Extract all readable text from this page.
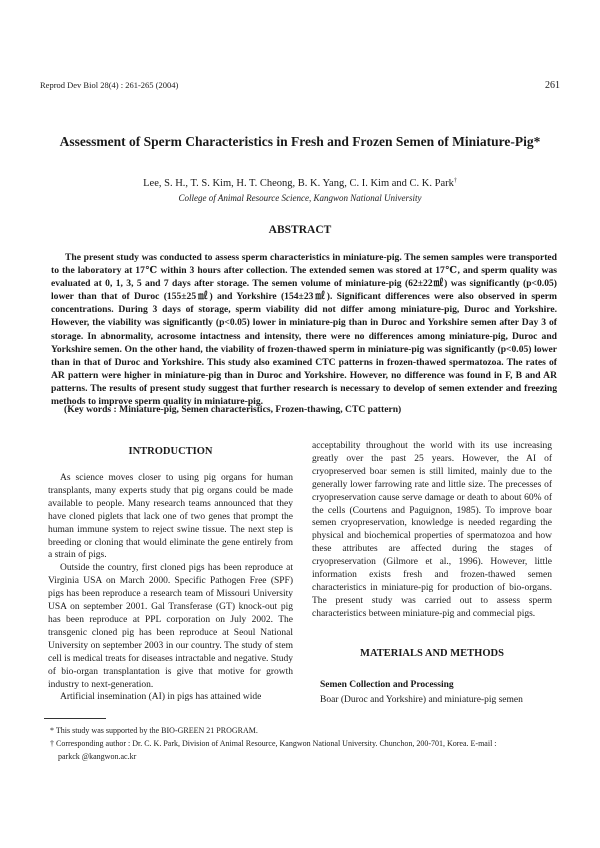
Reprod Dev Biol 28(4) : 261-265 (2004)	261
Assessment of Sperm Characteristics in Fresh and Frozen Semen of Miniature-Pig*
Lee, S. H., T. S. Kim, H. T. Cheong, B. K. Yang, C. I. Kim and C. K. Park†
College of Animal Resource Science, Kangwon National University
ABSTRACT

The present study was conducted to assess sperm characteristics in miniature-pig. The semen samples were transported to the laboratory at 17℃ within 3 hours after collection. The extended semen was stored at 17℃, and sperm quality was evaluated at 0, 1, 3, 5 and 7 days after storage. The semen volume of miniature-pig (62±22㎖) was significantly (p<0.05) lower than that of Duroc (155±25㎖) and Yorkshire (154±23㎖). Significant differences were also observed in sperm concentrations. During 3 days of storage, sperm viability did not differ among miniature-pig, Duroc and Yorkshire. However, the viability was significantly (p<0.05) lower in miniature-pig than in Duroc and Yorkshire semen after Day 3 of storage. In abnormality, acrosome intactness and intensity, there were no differences among miniature-pig, Duroc and Yorkshire semen. On the other hand, the viability of frozen-thawed sperm in miniature-pig was significantly (p<0.05) lower than in that of Duroc and Yorkshire. This study also examined CTC patterns in frozen-thawed spermatozoa. The rates of AR pattern were higher in miniature-pig than in Duroc and Yorkshire. However, no difference was found in F, B and AR patterns. The results of present study suggest that further research is necessary to develop of semen extender and freezing methods to improve sperm quality in miniature-pig.

(Key words : Miniature-pig, Semen characteristics, Frozen-thawing, CTC pattern)
INTRODUCTION

As science moves closer to using pig organs for human transplants, many experts study that pig organs could be made available to people. Many research teams announced that they have cloned piglets that lack one of two genes that prompt the human immune system to reject swine tissue. The next step is breeding or cloning that would eliminate the gene entirely from a strain of pigs.

Outside the country, first cloned pigs has been reproduce at Virginia USA on March 2000. Specific Pathogen Free (SPF) pigs has been reproduce a research team of Missouri University USA on september 2001. Gal Transferase (GT) knock-out pig has been reproduce at PPL corporation on July 2002. The transgenic cloned pig has been reproduce at Seoul National University on september 2003 in our country. The study of stem cell is medical treats for diseases intractable and negative. Study of bio-organ transplantation is give that motive for growth industry to next-generation.

Artificial insemination (AI) in pigs has attained wide

acceptability throughout the world with its use increasing greatly over the past 25 years. However, the AI of cryopreserved boar semen is still limited, mainly due to the generally lower farrowing rate and little size. The precesses of cryopreservation cause serve damage or death to about 60% of the cells (Courtens and Paguignon, 1985). To improve boar semen cryopreservation, knowledge is needed regarding the physical and biochemical properties of spermatozoa and how these attributes are affected during the stages of cryopreservation (Gilmore et al., 1996). However, little information exists fresh and frozen-thawed semen characteristics in miniature-pig for production of bio-organs. The present study was carried out to assess sperm characteristics between miniature-pig and commecial pigs.

MATERIALS AND METHODS
Semen Collection and Processing

Boar (Duroc and Yorkshire) and miniature-pig semen

* This study was supported by the BIO-GREEN 21 PROGRAM.
† Corresponding author : Dr. C. K. Park, Division of Animal Resource, Kangwon National University. Chunchon, 200-701, Korea. E-mail :
parkck @kangwon.ac.kr
